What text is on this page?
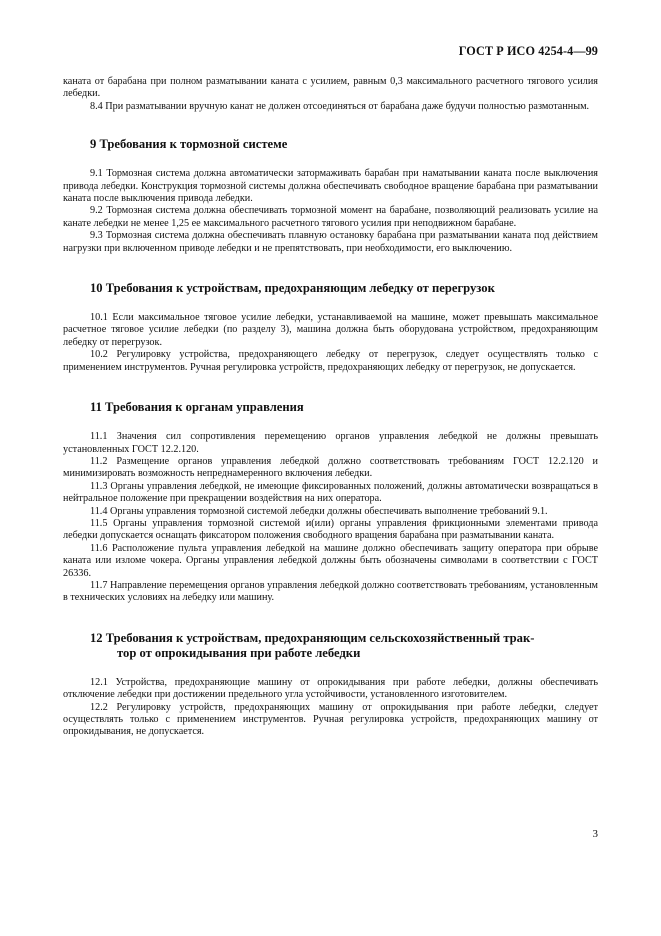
ГОСТ Р ИСО 4254-4—99

каната от барабана при полном разматывании каната с усилием, равным 0,3 максимального расчетного тягового усилия лебедки.

8.4 При разматывании вручную канат не должен отсоединяться от барабана даже будучи полностью размотанным.

9 Требования к тормозной системе

9.1 Тормозная система должна автоматически затормаживать барабан при наматывании каната после выключения привода лебедки. Конструкция тормозной системы должна обеспечивать свободное вращение барабана при разматывании каната после выключения привода лебедки.

9.2 Тормозная система должна обеспечивать тормозной момент на барабане, позволяющий реализовать усилие на канате лебедки не менее 1,25 ее максимального расчетного тягового усилия при неподвижном барабане.

9.3 Тормозная система должна обеспечивать плавную остановку барабана при разматывании каната под действием нагрузки при включенном приводе лебедки и не препятствовать, при необходимости, его выключению.

10 Требования к устройствам, предохраняющим лебедку от перегрузок

10.1 Если максимальное тяговое усилие лебедки, устанавливаемой на машине, может превышать максимальное расчетное тяговое усилие лебедки (по разделу 3), машина должна быть оборудована устройством, предохраняющим лебедку от перегрузок.

10.2 Регулировку устройства, предохраняющего лебедку от перегрузок, следует осуществлять только с применением инструментов. Ручная регулировка устройств, предохраняющих лебедку от перегрузок, не допускается.

11 Требования к органам управления

11.1 Значения сил сопротивления перемещению органов управления лебедкой не должны превышать установленных ГОСТ 12.2.120.

11.2 Размещение органов управления лебедкой должно соответствовать требованиям ГОСТ 12.2.120 и минимизировать возможность непреднамеренного включения лебедки.

11.3 Органы управления лебедкой, не имеющие фиксированных положений, должны автоматически возвращаться в нейтральное положение при прекращении воздействия на них оператора.

11.4 Органы управления тормозной системой лебедки должны обеспечивать выполнение требований 9.1.

11.5 Органы управления тормозной системой и(или) органы управления фрикционными элементами привода лебедки допускается оснащать фиксатором положения свободного вращения барабана при разматывании каната.

11.6 Расположение пульта управления лебедкой на машине должно обеспечивать защиту оператора при обрыве каната или изломе чокера. Органы управления лебедкой должны быть обозначены символами в соответствии с ГОСТ 26336.

11.7 Направление перемещения органов управления лебедкой должно соответствовать требованиям, установленным в технических условиях на лебедку или машину.

12 Требования к устройствам, предохраняющим сельскохозяйственный трак-
тор от опрокидывания при работе лебедки

12.1 Устройства, предохраняющие машину от опрокидывания при работе лебедки, должны обеспечивать отключение лебедки при достижении предельного угла устойчивости, установленного изготовителем.

12.2 Регулировку устройств, предохраняющих машину от опрокидывания при работе лебедки, следует осуществлять только с применением инструментов. Ручная регулировка устройств, предохраняющих машину от опрокидывания, не допускается.

3
